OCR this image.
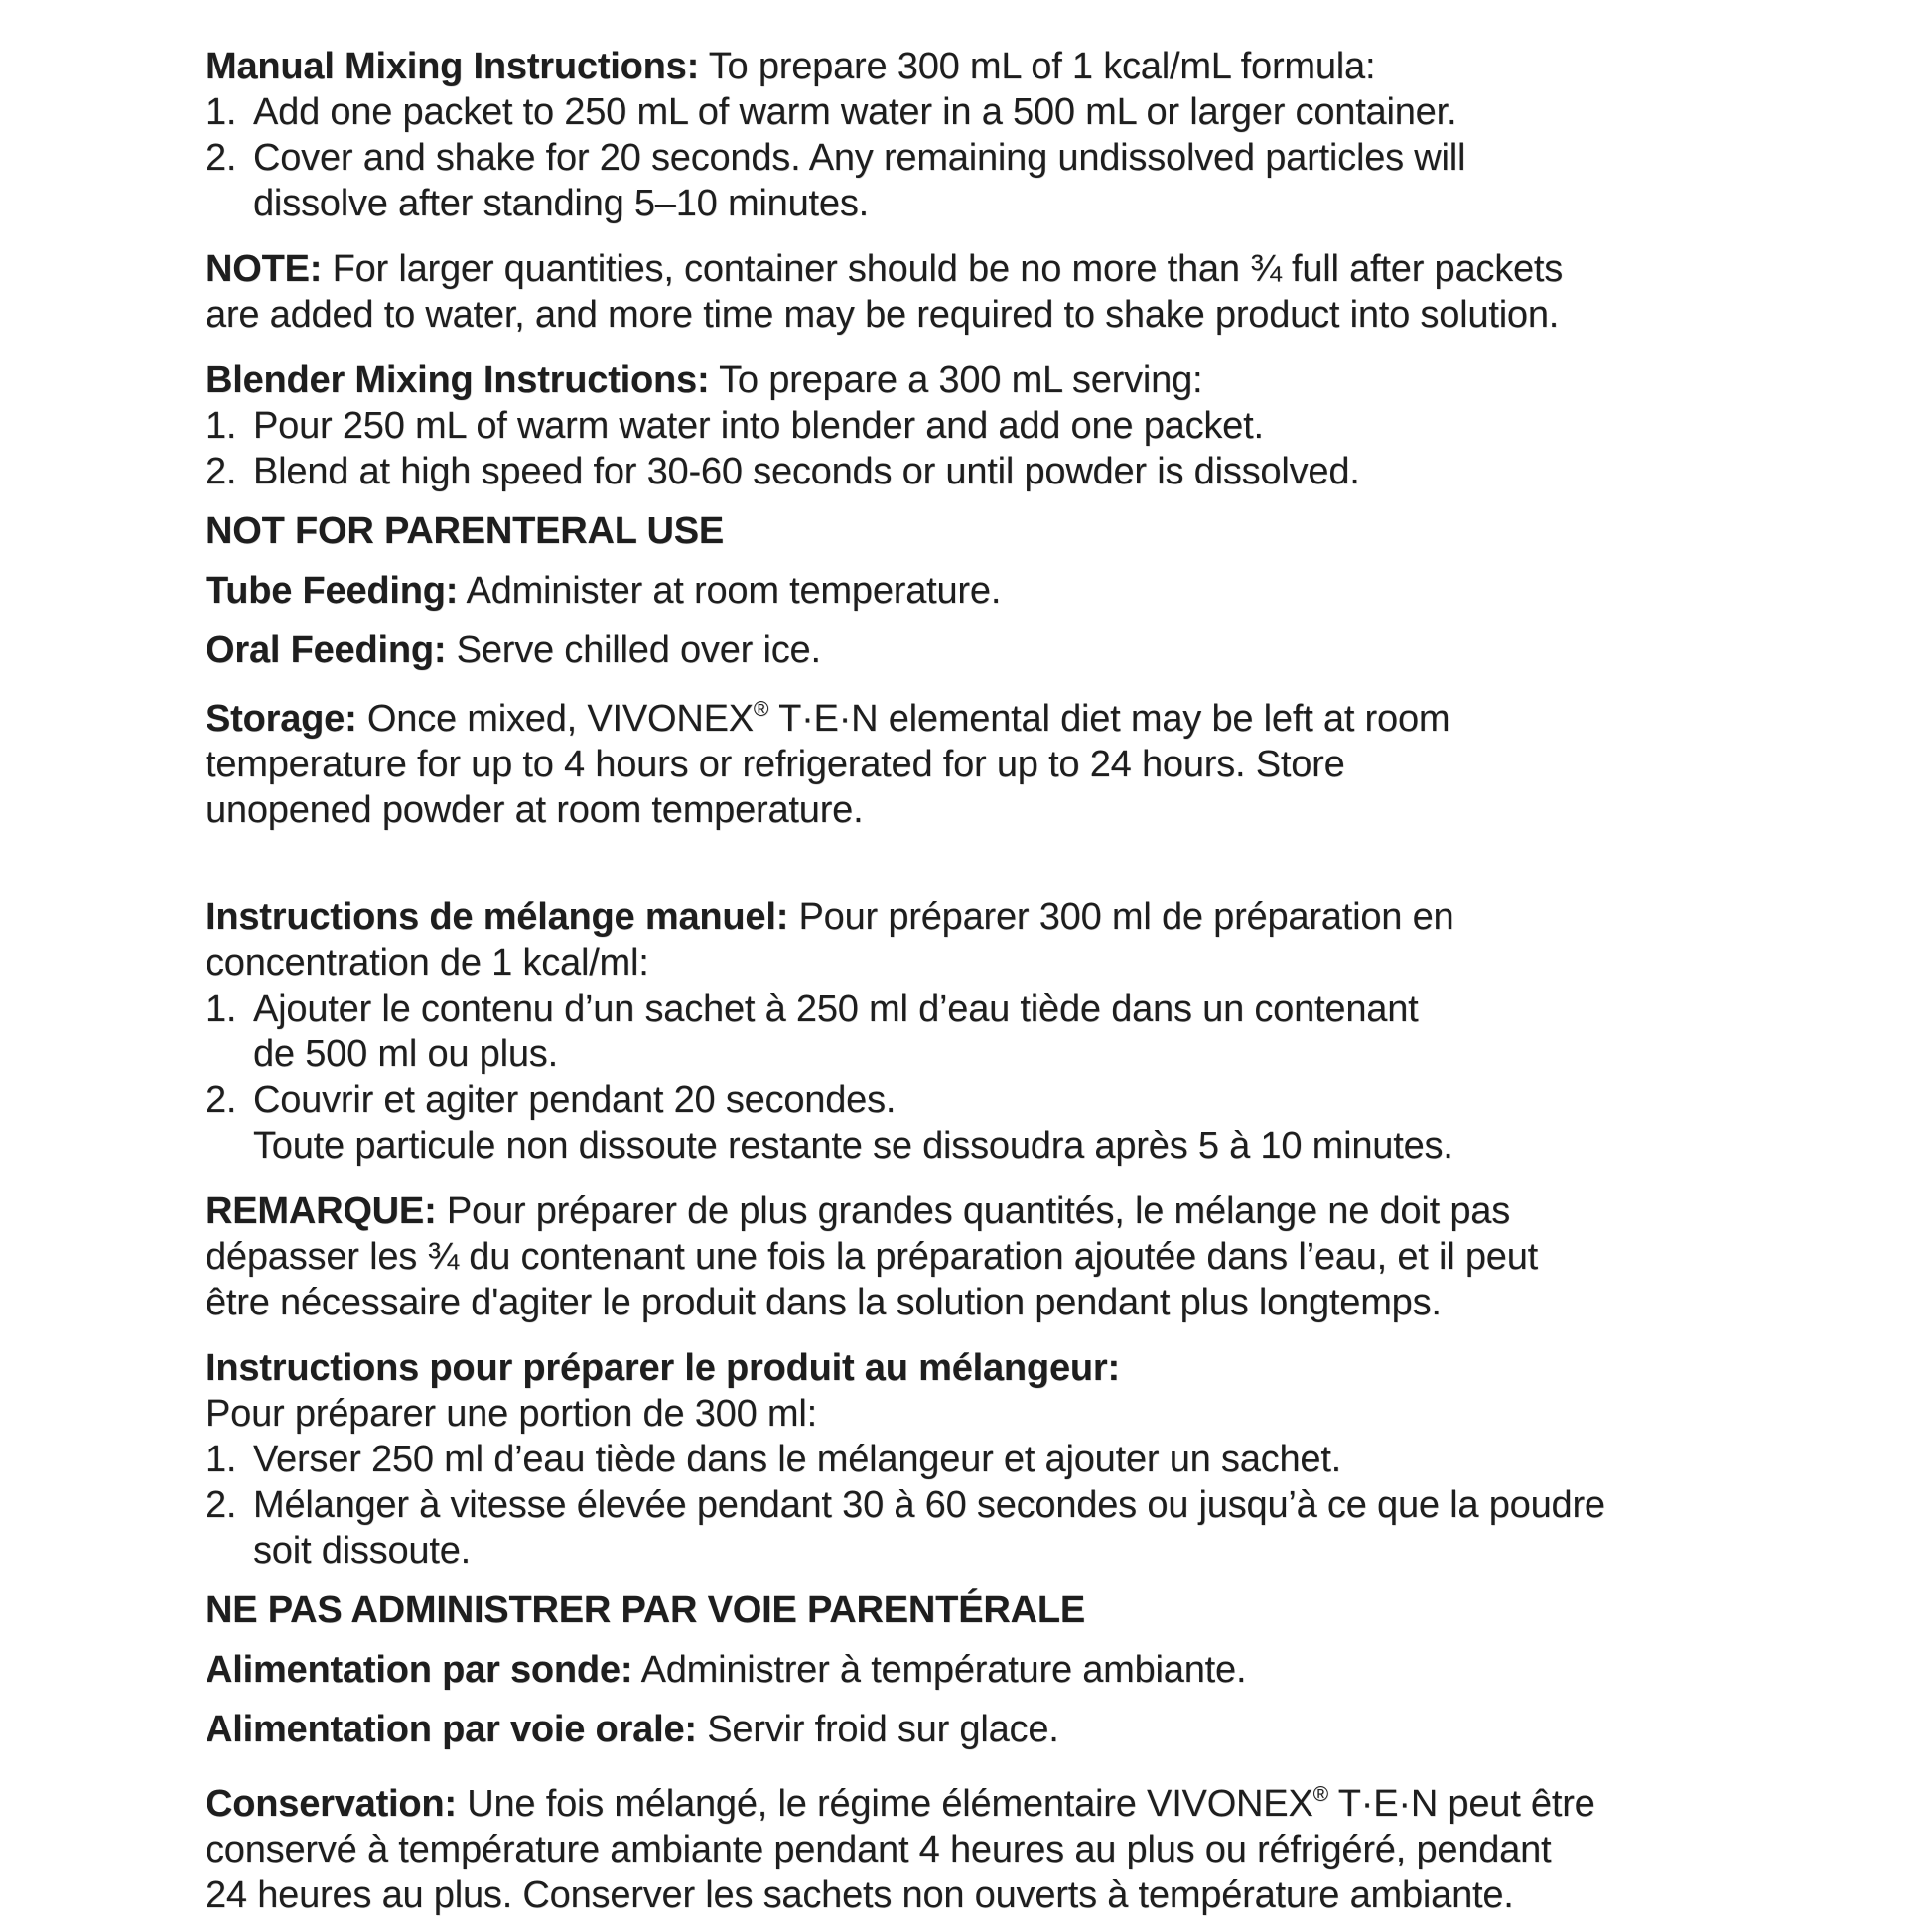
Manual Mixing Instructions: To prepare 300 mL of 1 kcal/mL formula:
1. Add one packet to 250 mL of warm water in a 500 mL or larger container.
2. Cover and shake for 20 seconds. Any remaining undissolved particles will
dissolve after standing 5–10 minutes.
NOTE: For larger quantities, container should be no more than ¾ full after packets
are added to water, and more time may be required to shake product into solution.
Blender Mixing Instructions: To prepare a 300 mL serving:
1. Pour 250 mL of warm water into blender and add one packet.
2. Blend at high speed for 30-60 seconds or until powder is dissolved.
NOT FOR PARENTERAL USE
Tube Feeding: Administer at room temperature.
Oral Feeding: Serve chilled over ice.
Storage: Once mixed, VIVONEX® T·E·N elemental diet may be left at room
temperature for up to 4 hours or refrigerated for up to 24 hours. Store
unopened powder at room temperature.
Instructions de mélange manuel: Pour préparer 300 ml de préparation en
concentration de 1 kcal/ml:
1. Ajouter le contenu d’un sachet à 250 ml d’eau tiède dans un contenant
de 500 ml ou plus.
2. Couvrir et agiter pendant 20 secondes.
Toute particule non dissoute restante se dissoudra après 5 à 10 minutes.
REMARQUE: Pour préparer de plus grandes quantités, le mélange ne doit pas
dépasser les ¾ du contenant une fois la préparation ajoutée dans l’eau, et il peut
être nécessaire d'agiter le produit dans la solution pendant plus longtemps.
Instructions pour préparer le produit au mélangeur:
Pour préparer une portion de 300 ml:
1. Verser 250 ml d’eau tiède dans le mélangeur et ajouter un sachet.
2. Mélanger à vitesse élevée pendant 30 à 60 secondes ou jusqu’à ce que la poudre
soit dissoute.
NE PAS ADMINISTRER PAR VOIE PARENTÉRALE
Alimentation par sonde: Administrer à température ambiante.
Alimentation par voie orale: Servir froid sur glace.
Conservation: Une fois mélangé, le régime élémentaire VIVONEX® T·E·N peut être
conservé à température ambiante pendant 4 heures au plus ou réfrigéré, pendant
24 heures au plus. Conserver les sachets non ouverts à température ambiante.
